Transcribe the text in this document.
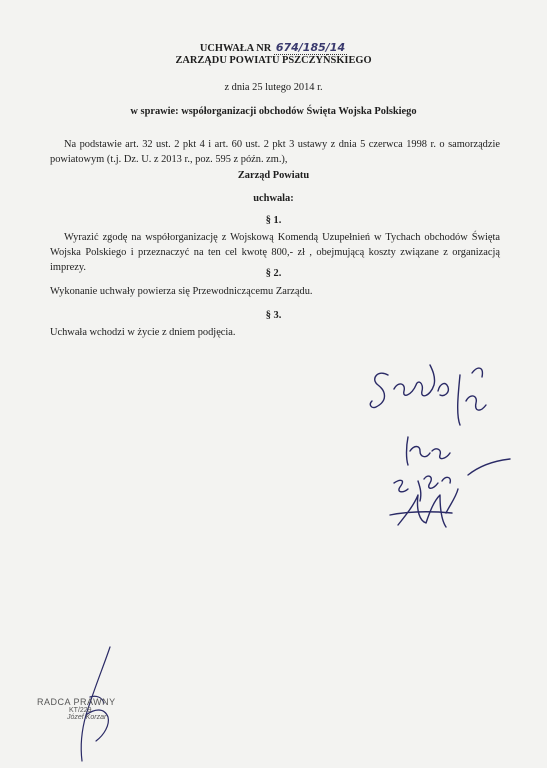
UCHWAŁA NR 674/185/14
ZARZĄDU POWIATU PSZCZYŃSKIEGO
z dnia 25 lutego 2014 r.
w sprawie: współorganizacji obchodów Święta Wojska Polskiego
Na podstawie art. 32 ust. 2 pkt 4 i art. 60 ust. 2 pkt 3 ustawy z dnia 5 czerwca 1998 r. o samorządzie powiatowym (t.j. Dz. U. z 2013 r., poz. 595 z późn. zm.),
Zarząd Powiatu
uchwala:
§ 1.
Wyrazić zgodę na współorganizację z Wojskową Komendą Uzupełnień w Tychach obchodów Święta Wojska Polskiego i przeznaczyć na ten cel kwotę 800,- zł , obejmującą koszty związane z organizacją imprezy.
§ 2.
Wykonanie uchwały powierza się Przewodniczącemu Zarządu.
§ 3.
Uchwała wchodzi w życie z dniem podjęcia.
RADCA PRAWNY
KT/229
Józef Korzar
